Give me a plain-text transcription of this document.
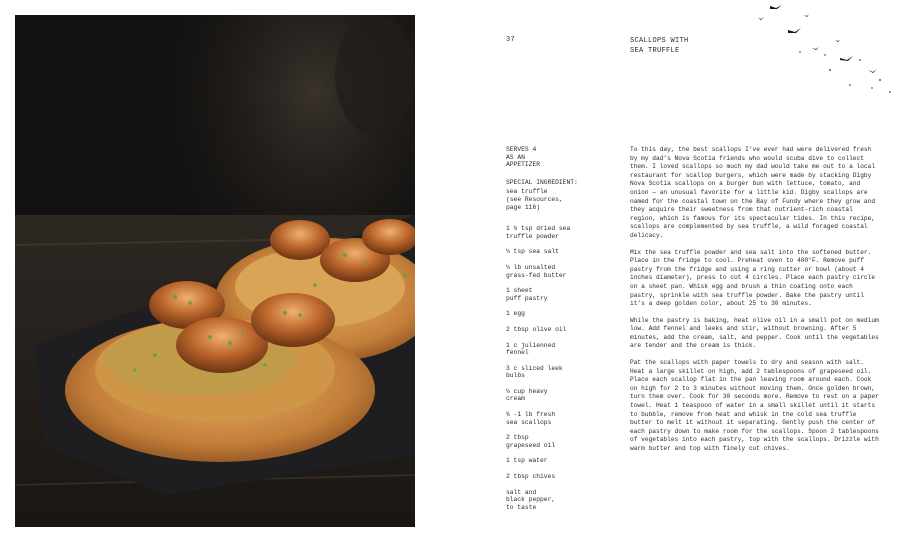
37	SCALLOPS WITH
SEA TRUFFLE
SERVES 4
AS AN
APPETIZER
SPECIAL INGREDIENT:
sea truffle
(see Resources,
page 116)
1 ¼ tsp dried sea
truffle powder
¼ tsp sea salt
¼ lb unsalted
grass-fed butter
1 sheet
puff pastry
1 egg
2 tbsp olive oil
1 c julienned
fennel
3 c sliced leek
bulbs
¼ cup heavy
cream
¾ -1 lb fresh
sea scallops
2 tbsp
grapeseed oil
1 tsp water
2 tbsp chives
salt and
black pepper,
to taste

To this day, the best scallops I’ve ever had were delivered fresh by my dad’s Nova Scotia friends who would scuba dive to collect them. I loved scallops so much my dad would take me out to a local restaurant for scallop burgers, which were made by stacking Digby Nova Scotia scallops on a burger bun with lettuce, tomato, and onion — an unusual favorite for a little kid. Digby scallops are named for the coastal town on the Bay of Fundy where they grow and they acquire their sweetness from that nutrient-rich coastal region, which is famous for its spectacular tides. In this recipe, scallops are complemented by sea truffle, a wild foraged coastal delicacy.

Mix the sea truffle powder and sea salt into the softened butter. Place in the fridge to cool. Preheat oven to 400°F. Remove puff pastry from the fridge and using a ring cutter or bowl (about 4 inches diameter), press to cut 4 circles. Place each pastry circle on a sheet pan. Whisk egg and brush a thin coating onto each pastry, sprinkle with sea truffle powder. Bake the pastry until it’s a deep golden color, about 25 to 30 minutes.

While the pastry is baking, heat olive oil in a small pot on medium low. Add fennel and leeks and stir, without browning. After 5 minutes, add the cream, salt, and pepper. Cook until the vegetables are tender and the cream is thick.

Pat the scallops with paper towels to dry and season with salt. Heat a large skillet on high, add 2 tablespoons of grapeseed oil. Place each scallop flat in the pan leaving room around each. Cook on high for 2 to 3 minutes without moving them. Once golden brown, turn them over. Cook for 30 seconds more. Remove to rest on a paper towel. Heat 1 teaspoon of water in a small skillet until it starts to bubble, remove from heat and whisk in the cold sea truffle butter to melt it without it separating. Gently push the center of each pastry down to make room for the scallops. Spoon 2 tablespoons of vegetables into each pastry, top with the scallops. Drizzle with warm butter and top with finely cut chives.
